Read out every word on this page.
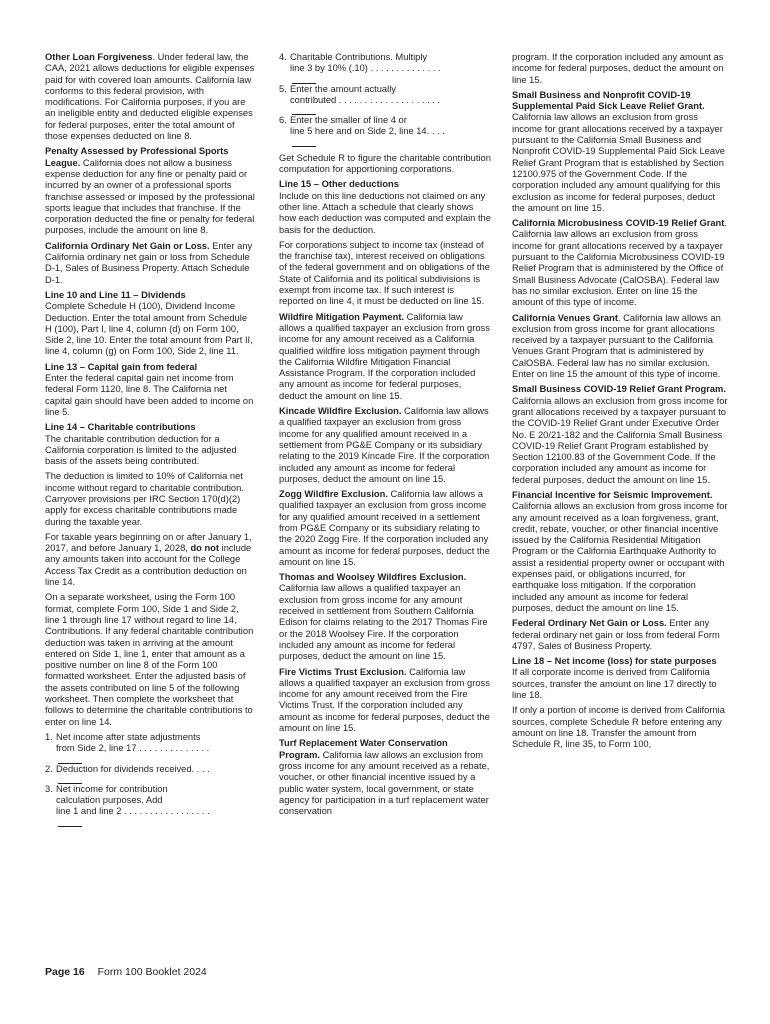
Other Loan Forgiveness. Under federal law, the CAA, 2021 allows deductions for eligible expenses paid for with covered loan amounts. California law conforms to this federal provision, with modifications. For California purposes, if you are an ineligible entity and deducted eligible expenses for federal purposes, enter the total amount of those expenses deducted on line 8.

Penalty Assessed by Professional Sports League. California does not allow a business expense deduction for any fine or penalty paid or incurred by an owner of a professional sports franchise assessed or imposed by the professional sports league that includes that franchise. If the corporation deducted the fine or penalty for federal purposes, include the amount on line 8.

California Ordinary Net Gain or Loss. Enter any California ordinary net gain or loss from Schedule D-1, Sales of Business Property. Attach Schedule D-1.

Line 10 and Line 11 – Dividends

Complete Schedule H (100), Dividend Income Deduction. Enter the total amount from Schedule H (100), Part I, line 4, column (d) on Form 100, Side 2, line 10. Enter the total amount from Part II, line 4, column (g) on Form 100, Side 2, line 11.

Line 13 – Capital gain from federal

Enter the federal capital gain net income from federal Form 1120, line 8. The California net capital gain should have been added to income on line 5.

Line 14 – Charitable contributions

The charitable contribution deduction for a California corporation is limited to the adjusted basis of the assets being contributed.

The deduction is limited to 10% of California net income without regard to charitable contribution. Carryover provisions per IRC Section 170(d)(2) apply for excess charitable contributions made during the taxable year.

For taxable years beginning on or after January 1, 2017, and before January 1, 2028, do not include any amounts taken into account for the College Access Tax Credit as a contribution deduction on line 14.

On a separate worksheet, using the Form 100 format, complete Form 100, Side 1 and Side 2, line 1 through line 17 without regard to line 14, Contributions. If any federal charitable contribution deduction was taken in arriving at the amount entered on Side 1, line 1, enter that amount as a positive number on line 8 of the Form 100 formatted worksheet. Enter the adjusted basis of the assets contributed on line 5 of the following worksheet. Then complete the worksheet that follows to determine the charitable contributions to enter on line 14.

1. Net income after state adjustments
from Side 2, line 17 . . . . . . . . . . . . . .
2. Deduction for dividends received. . . .
3. Net income for contribution
calculation purposes. Add
line 1 and line 2 . . . . . . . . . . . . . . . . .
4. Charitable Contributions. Multiply
line 3 by 10% (.10) . . . . . . . . . . . . . .
5. Enter the amount actually
contributed . . . . . . . . . . . . . . . . . . . .
6. Enter the smaller of line 4 or
line 5 here and on Side 2, line 14. . . .

Get Schedule R to figure the charitable contribution computation for apportioning corporations.

Line 15 – Other deductions

Include on this line deductions not claimed on any other line. Attach a schedule that clearly shows how each deduction was computed and explain the basis for the deduction.

For corporations subject to income tax (instead of the franchise tax), interest received on obligations of the federal government and on obligations of the State of California and its political subdivisions is exempt from income tax. If such interest is reported on line 4, it must be deducted on line 15.

Wildfire Mitigation Payment. California law allows a qualified taxpayer an exclusion from gross income for any amount received as a California qualified wildfire loss mitigation payment through the California Wildfire Mitigation Financial Assistance Program. If the corporation included any amount as income for federal purposes, deduct the amount on line 15.

Kincade Wildfire Exclusion. California law allows a qualified taxpayer an exclusion from gross income for any qualified amount received in a settlement from PG&E Company or its subsidiary relating to the 2019 Kincade Fire. If the corporation included any amount as income for federal purposes, deduct the amount on line 15.

Zogg Wildfire Exclusion. California law allows a qualified taxpayer an exclusion from gross income for any qualified amount received in a settlement from PG&E Company or its subsidiary relating to the 2020 Zogg Fire. If the corporation included any amount as income for federal purposes, deduct the amount on line 15.

Thomas and Woolsey Wildfires Exclusion. California law allows a qualified taxpayer an exclusion from gross income for any amount received in settlement from Southern California Edison for claims relating to the 2017 Thomas Fire or the 2018 Woolsey Fire. If the corporation included any amount as income for federal purposes, deduct the amount on line 15.

Fire Victims Trust Exclusion. California law allows a qualified taxpayer an exclusion from gross income for any amount received from the Fire Victims Trust. If the corporation included any amount as income for federal purposes, deduct the amount on line 15.

Turf Replacement Water Conservation Program. California law allows an exclusion from gross income for any amount received as a rebate, voucher, or other financial incentive issued by a public water system, local government, or state agency for participation in a turf replacement water conservation

program. If the corporation included any amount as income for federal purposes, deduct the amount on line 15.

Small Business and Nonprofit COVID-19 Supplemental Paid Sick Leave Relief Grant. California law allows an exclusion from gross income for grant allocations received by a taxpayer pursuant to the California Small Business and Nonprofit COVID-19 Supplemental Paid Sick Leave Relief Grant Program that is established by Section 12100.975 of the Government Code. If the corporation included any amount qualifying for this exclusion as income for federal purposes, deduct the amount on line 15.

California Microbusiness COVID-19 Relief Grant. California law allows an exclusion from gross income for grant allocations received by a taxpayer pursuant to the California Microbusiness COVID-19 Relief Program that is administered by the Office of Small Business Advocate (CalOSBA). Federal law has no similar exclusion. Enter on line 15 the amount of this type of income.

California Venues Grant. California law allows an exclusion from gross income for grant allocations received by a taxpayer pursuant to the California Venues Grant Program that is administered by CalOSBA. Federal law has no similar exclusion. Enter on line 15 the amount of this type of income.

Small Business COVID-19 Relief Grant Program. California allows an exclusion from gross income for grant allocations received by a taxpayer pursuant to the COVID-19 Relief Grant under Executive Order No. E 20/21-182 and the California Small Business COVID-19 Relief Grant Program established by Section 12100.83 of the Government Code. If the corporation included any amount as income for federal purposes, deduct the amount on line 15.

Financial Incentive for Seismic Improvement. California allows an exclusion from gross income for any amount received as a loan forgiveness, grant, credit, rebate, voucher, or other financial incentive issued by the California Residential Mitigation Program or the California Earthquake Authority to assist a residential property owner or occupant with expenses paid, or obligations incurred, for earthquake loss mitigation. If the corporation included any amount as income for federal purposes, deduct the amount on line 15.

Federal Ordinary Net Gain or Loss. Enter any federal ordinary net gain or loss from federal Form 4797, Sales of Business Property.

Line 18 – Net income (loss) for state purposes

If all corporate income is derived from California sources, transfer the amount on line 17 directly to line 18.

If only a portion of income is derived from California sources, complete Schedule R before entering any amount on line 18. Transfer the amount from Schedule R, line 35, to Form 100,

Page 16 Form 100 Booklet 2024
